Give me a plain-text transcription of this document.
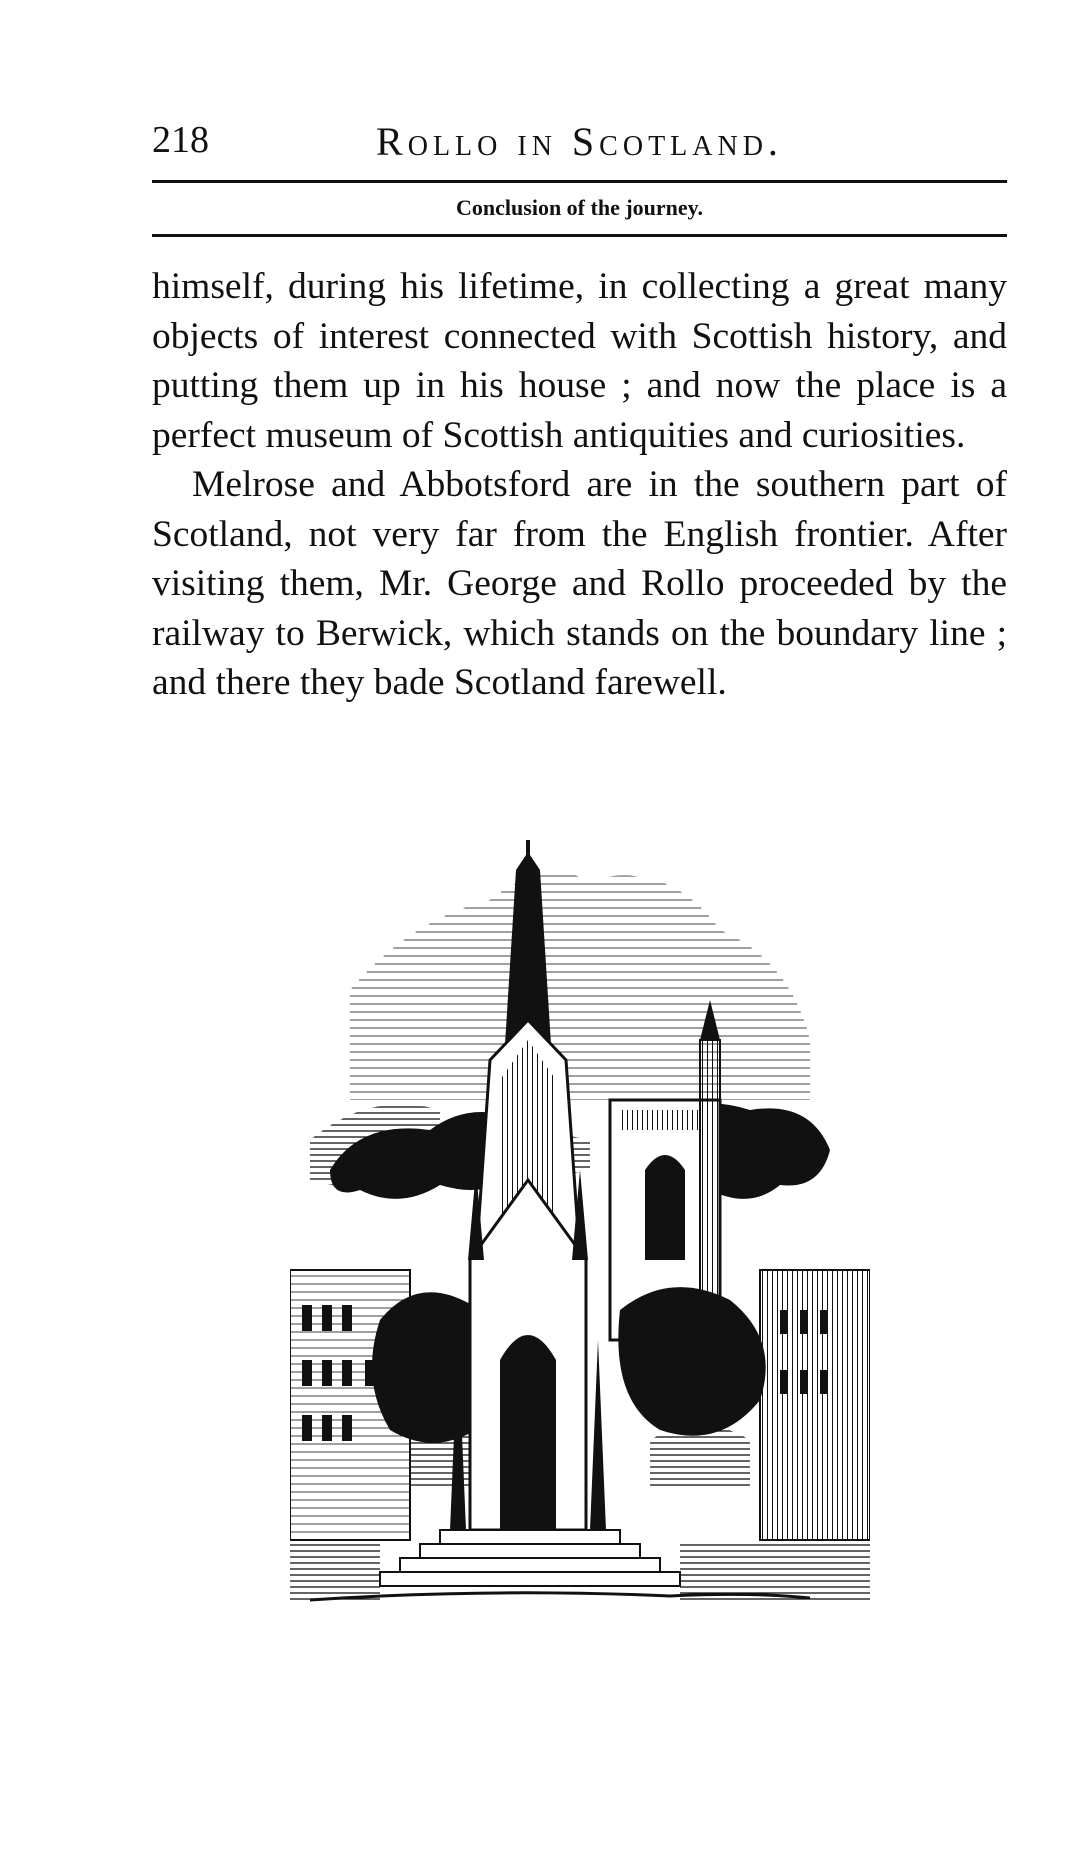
218	Rollo in Scotland.
Conclusion of the journey.

himself, during his lifetime, in collecting a great many objects of interest connected with Scottish history, and putting them up in his house ; and now the place is a perfect museum of Scottish antiquities and curiosities.

Melrose and Abbotsford are in the southern part of Scotland, not very far from the English frontier. After visiting them, Mr. George and Rollo proceeded by the railway to Berwick, which stands on the boundary line ; and there they bade Scotland farewell.
